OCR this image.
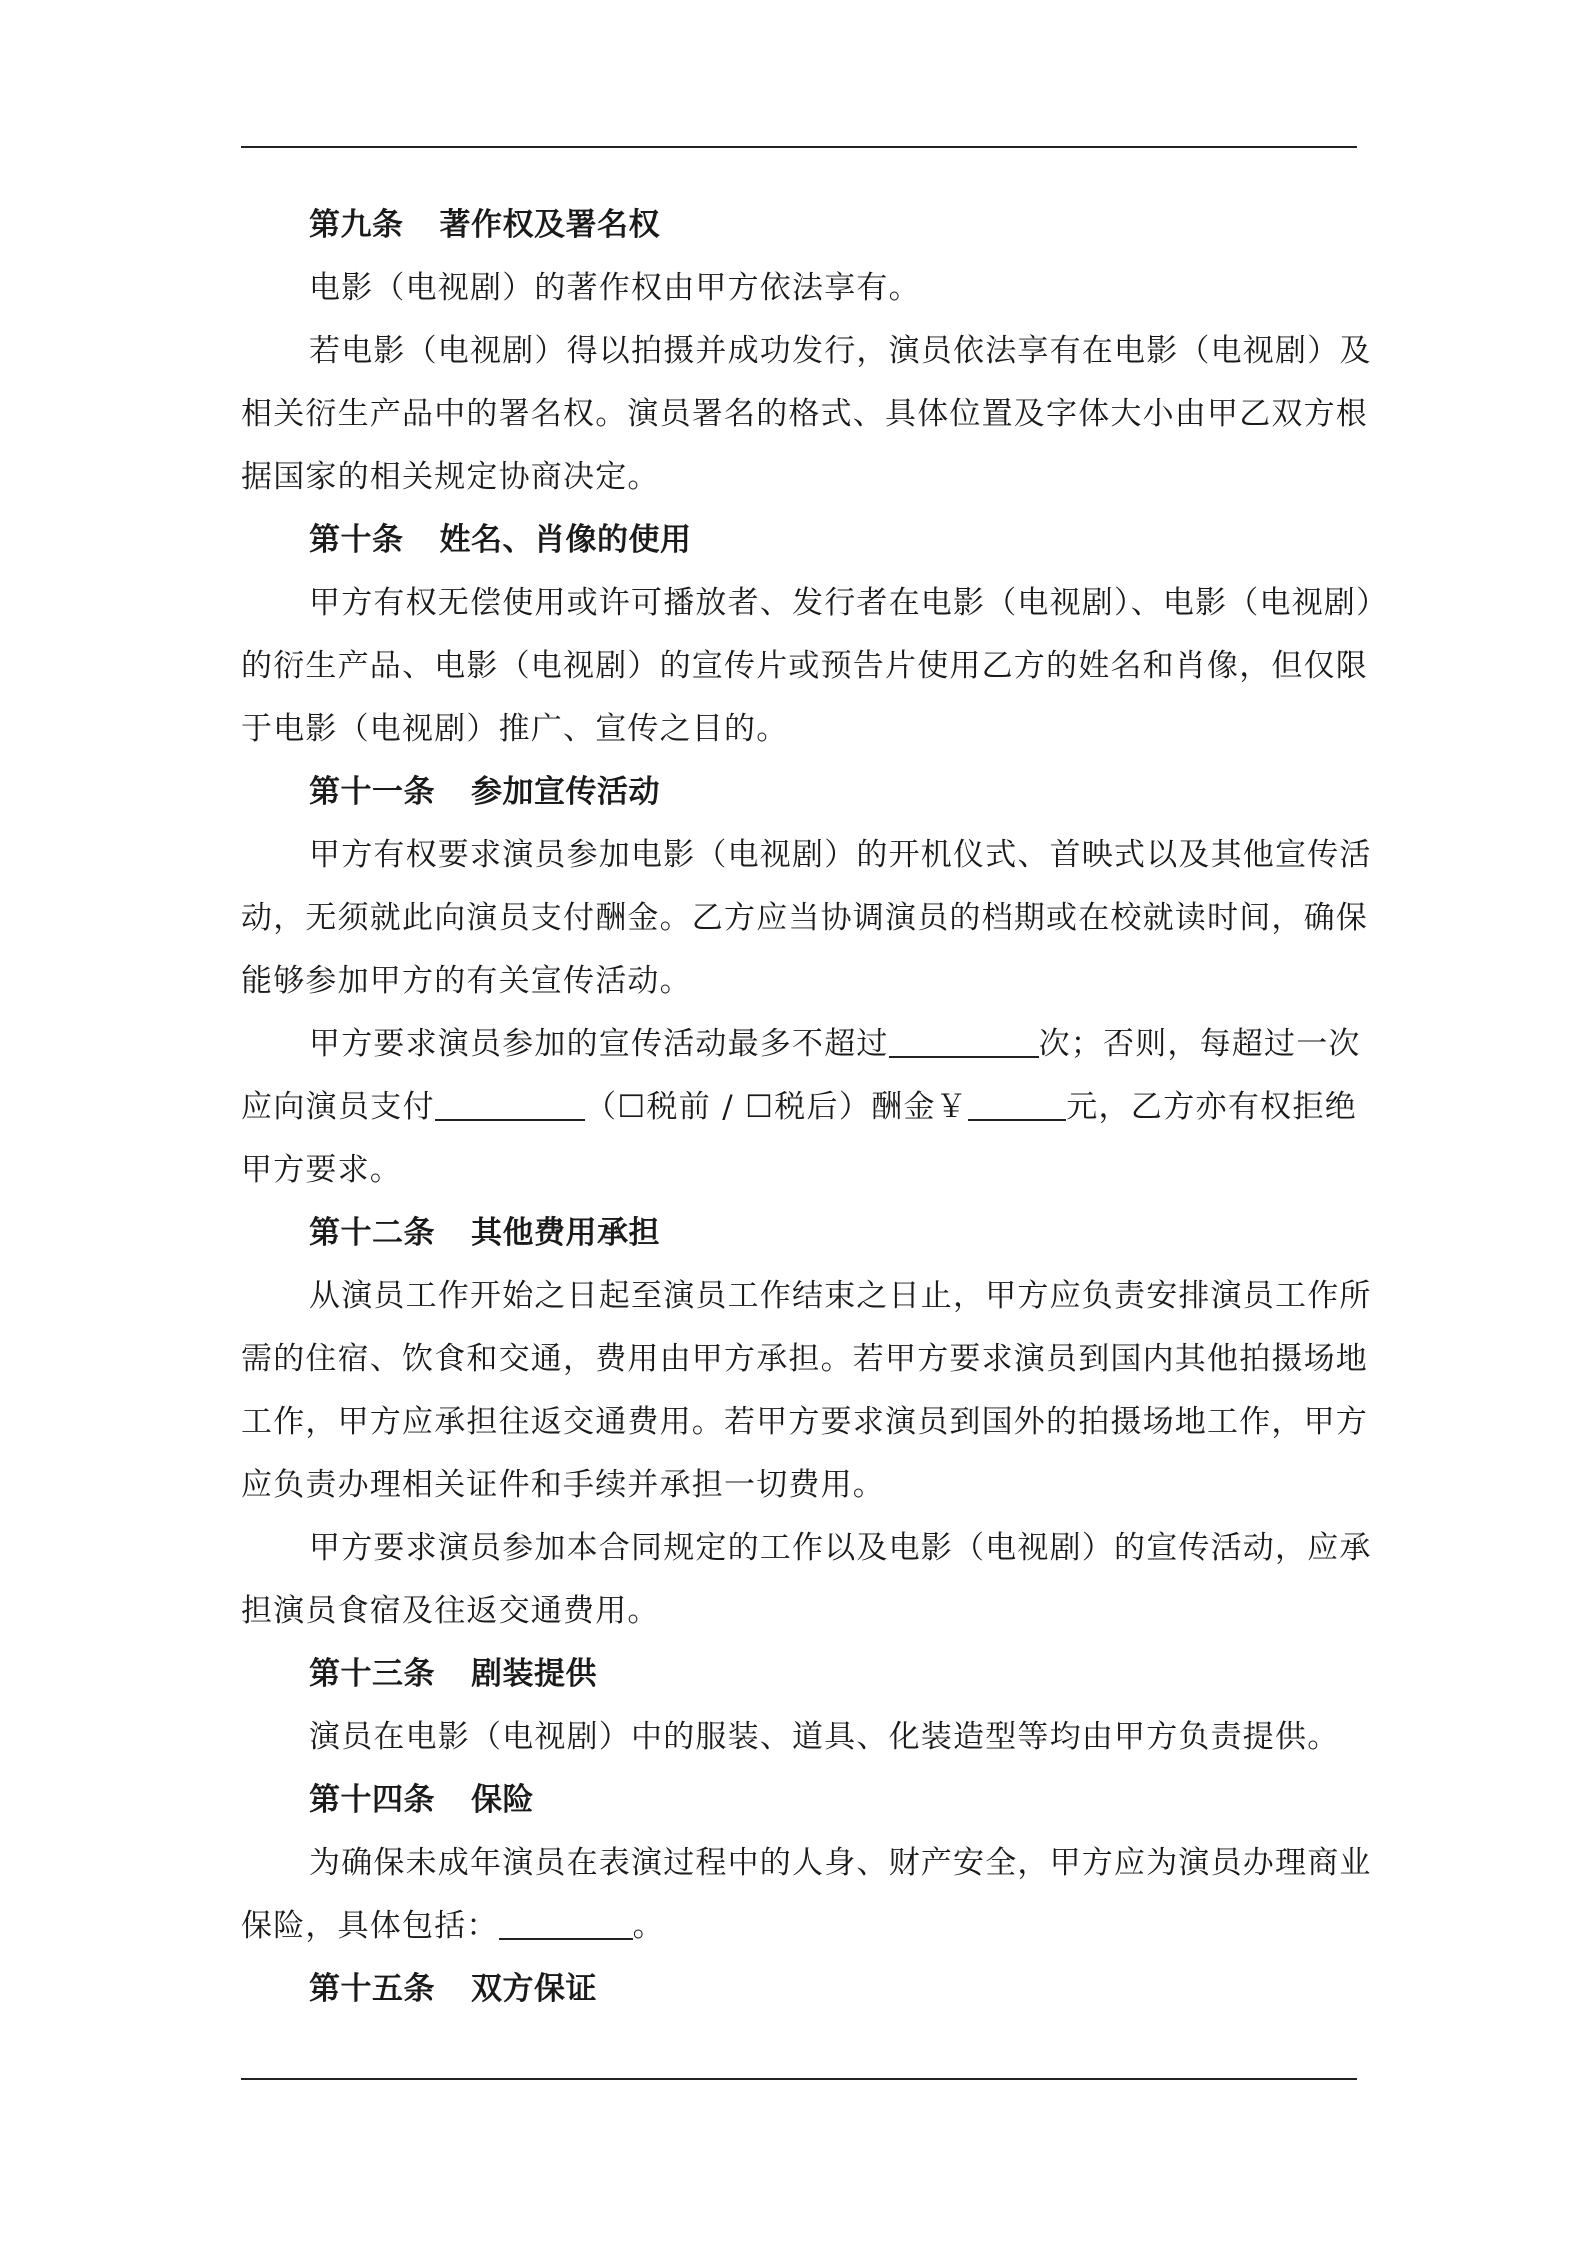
第九条 著作权及署名权
电影（电视剧）的著作权由甲方依法享有。
若电影（电视剧）得以拍摄并成功发行，演员依法享有在电影（电视剧）及
相关衍生产品中的署名权。演员署名的格式、具体位置及字体大小由甲乙双方根
据国家的相关规定协商决定。
第十条 姓名、肖像的使用
甲方有权无偿使用或许可播放者、发行者在电影（电视剧）、电影（电视剧）
的衍生产品、电影（电视剧）的宣传片或预告片使用乙方的姓名和肖像，但仅限
于电影（电视剧）推广、宣传之目的。
第十一条 参加宣传活动
甲方有权要求演员参加电影（电视剧）的开机仪式、首映式以及其他宣传活
动，无须就此向演员支付酬金。乙方应当协调演员的档期或在校就读时间，确保
能够参加甲方的有关宣传活动。
甲方要求演员参加的宣传活动最多不超过	次；否则，每超过一次
应向演员支付	（☐税前 / ☐税后）酬金￥	元，乙方亦有权拒绝
甲方要求。
第十二条 其他费用承担
从演员工作开始之日起至演员工作结束之日止，甲方应负责安排演员工作所
需的住宿、饮食和交通，费用由甲方承担。若甲方要求演员到国内其他拍摄场地
工作，甲方应承担往返交通费用。若甲方要求演员到国外的拍摄场地工作，甲方
应负责办理相关证件和手续并承担一切费用。
甲方要求演员参加本合同规定的工作以及电影（电视剧）的宣传活动，应承
担演员食宿及往返交通费用。
第十三条 剧装提供
演员在电影（电视剧）中的服装、道具、化装造型等均由甲方负责提供。
第十四条 保险
为确保未成年演员在表演过程中的人身、财产安全，甲方应为演员办理商业
保险，具体包括：	。
第十五条 双方保证
